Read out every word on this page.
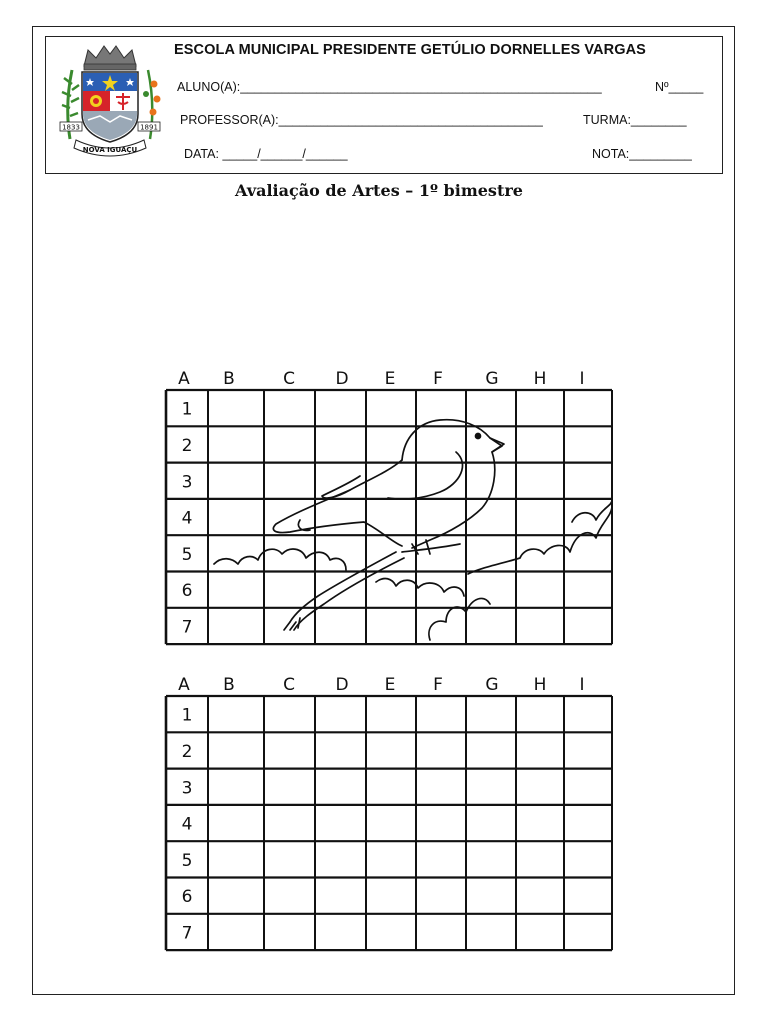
1833	1891
NOVA IGUAÇU
ESCOLA MUNICIPAL PRESIDENTE GETÚLIO DORNELLES VARGAS
ALUNO(A):____________________________________________________	Nº_____
PROFESSOR(A):______________________________________	TURMA:________
DATA: _____/______/______	NOTA:_________
Avaliação de Artes – 1º bimestre
A B	C D E F	G H I
1
2
3
4
5
6
7
A B	C D E F	G H I
1
2
3
4
5
6
7
